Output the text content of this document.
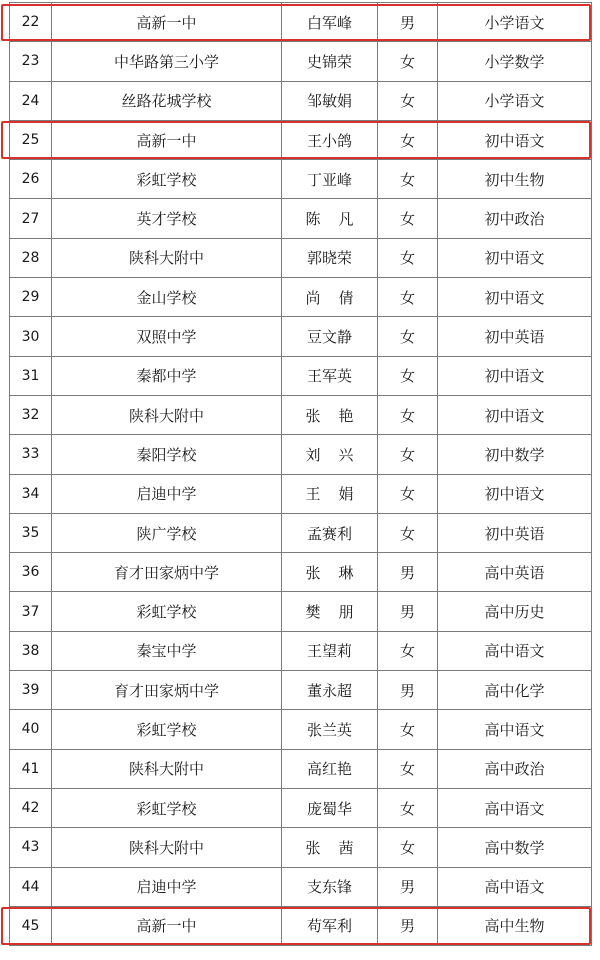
22	高新一中	白军峰	男	小学语文
23	中华路第三小学	史锦荣	女	小学数学
24	丝路花城学校	邹敏娟	女	小学语文
25	高新一中	王小鸽	女	初中语文
26	彩虹学校	丁亚峰	女	初中生物
27	英才学校	陈凡	女	初中政治
28	陕科大附中	郭晓荣	女	初中语文
29	金山学校	尚倩	女	初中语文
30	双照中学	豆文静	女	初中英语
31	秦都中学	王军英	女	初中语文
32	陕科大附中	张艳	女	初中语文
33	秦阳学校	刘兴	女	初中数学
34	启迪中学	王娟	女	初中语文
35	陕广学校	孟赛利	女	初中英语
36	育才田家炳中学	张琳	男	高中英语
37	彩虹学校	樊朋	男	高中历史
38	秦宝中学	王望莉	女	高中语文
39	育才田家炳中学	董永超	男	高中化学
40	彩虹学校	张兰英	女	高中语文
41	陕科大附中	高红艳	女	高中政治
42	彩虹学校	庞蜀华	女	高中语文
43	陕科大附中	张茜	女	高中数学
44	启迪中学	支东锋	男	高中语文
45	高新一中	苟军利	男	高中生物
